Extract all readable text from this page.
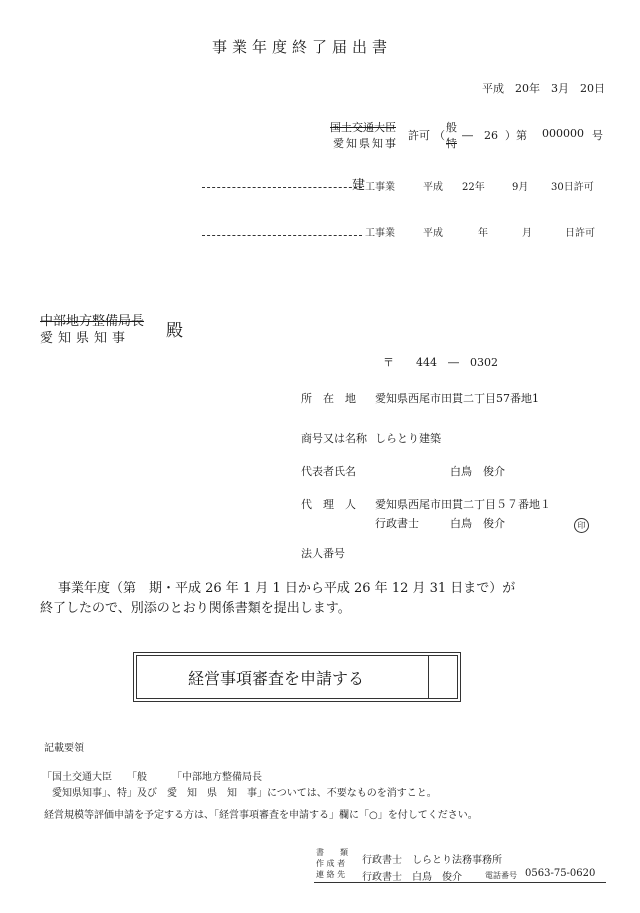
事業年度終了届出書
平成　20年　3月　20日
国土交通大臣
愛知県知事
許可 （
般
特
―　26 ） 第 000000 号
建 工事業	平成 22年	9月 30日許可
工事業	平成	年	月	日許可
中部地方整備局長
愛知県知事 殿
〒　　444　―　0302
所　在　地 愛知県西尾市田貫二丁目57番地1
商号又は名称 しらとり建築
代表者氏名	白鳥　俊介
代　理　人 愛知県西尾市田貫二丁目５７番地１
行政書士	白鳥　俊介	印
法人番号
事業年度（第　期・平成 26 年 1 月 1 日から平成 26 年 12 月 31 日まで）が
終了したので、別添のとおり関係書類を提出します。
経営事項審査を申請する
記載要領
「国土交通大臣　　「般　　　「中部地方整備局長
　愛知県知事」、特」及び　愛　知　県　知　事」については、不要なものを消すこと。
経営規模等評価申請を予定する方は、「経営事項審査を申請する」欄に「○」を付してください。
書　　類
作 成 者
連 絡 先
行政書士　しらとり法務事務所
行政書士 白鳥　俊介	電話番号 0563-75-0620
